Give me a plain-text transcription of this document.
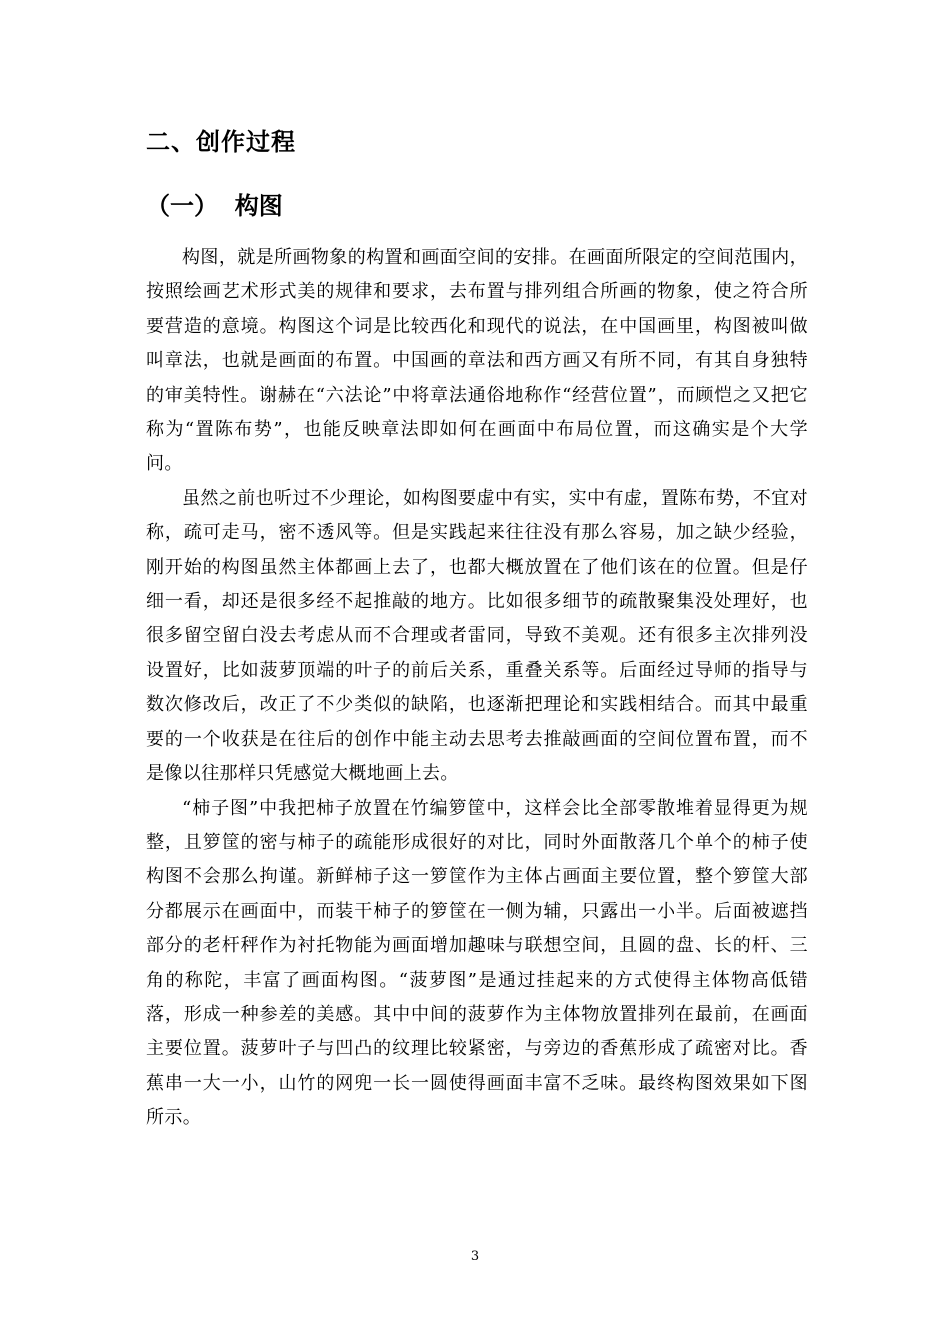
二、创作过程
（一）  构图

构图，就是所画物象的构置和画面空间的安排。在画面所限定的空间范围内，按照绘画艺术形式美的规律和要求，去布置与排列组合所画的物象，使之符合所要营造的意境。构图这个词是比较西化和现代的说法，在中国画里，构图被叫做叫章法，也就是画面的布置。中国画的章法和西方画又有所不同，有其自身独特的审美特性。谢赫在“六法论”中将章法通俗地称作“经营位置”，而顾恺之又把它称为“置陈布势”，也能反映章法即如何在画面中布局位置，而这确实是个大学问。

虽然之前也听过不少理论，如构图要虚中有实，实中有虚，置陈布势，不宜对称，疏可走马，密不透风等。但是实践起来往往没有那么容易，加之缺少经验，刚开始的构图虽然主体都画上去了，也都大概放置在了他们该在的位置。但是仔细一看，却还是很多经不起推敲的地方。比如很多细节的疏散聚集没处理好，也很多留空留白没去考虑从而不合理或者雷同，导致不美观。还有很多主次排列没设置好，比如菠萝顶端的叶子的前后关系，重叠关系等。后面经过导师的指导与数次修改后，改正了不少类似的缺陷，也逐渐把理论和实践相结合。而其中最重要的一个收获是在往后的创作中能主动去思考去推敲画面的空间位置布置，而不是像以往那样只凭感觉大概地画上去。

“柿子图”中我把柿子放置在竹编箩筐中，这样会比全部零散堆着显得更为规整，且箩筐的密与柿子的疏能形成很好的对比，同时外面散落几个单个的柿子使构图不会那么拘谨。新鲜柿子这一箩筐作为主体占画面主要位置，整个箩筐大部分都展示在画面中，而装干柿子的箩筐在一侧为辅，只露出一小半。后面被遮挡部分的老杆秤作为衬托物能为画面增加趣味与联想空间，且圆的盘、长的杆、三角的称陀，丰富了画面构图。“菠萝图”是通过挂起来的方式使得主体物高低错落，形成一种参差的美感。其中中间的菠萝作为主体物放置排列在最前，在画面主要位置。菠萝叶子与凹凸的纹理比较紧密，与旁边的香蕉形成了疏密对比。香蕉串一大一小，山竹的网兜一长一圆使得画面丰富不乏味。最终构图效果如下图所示。

3
